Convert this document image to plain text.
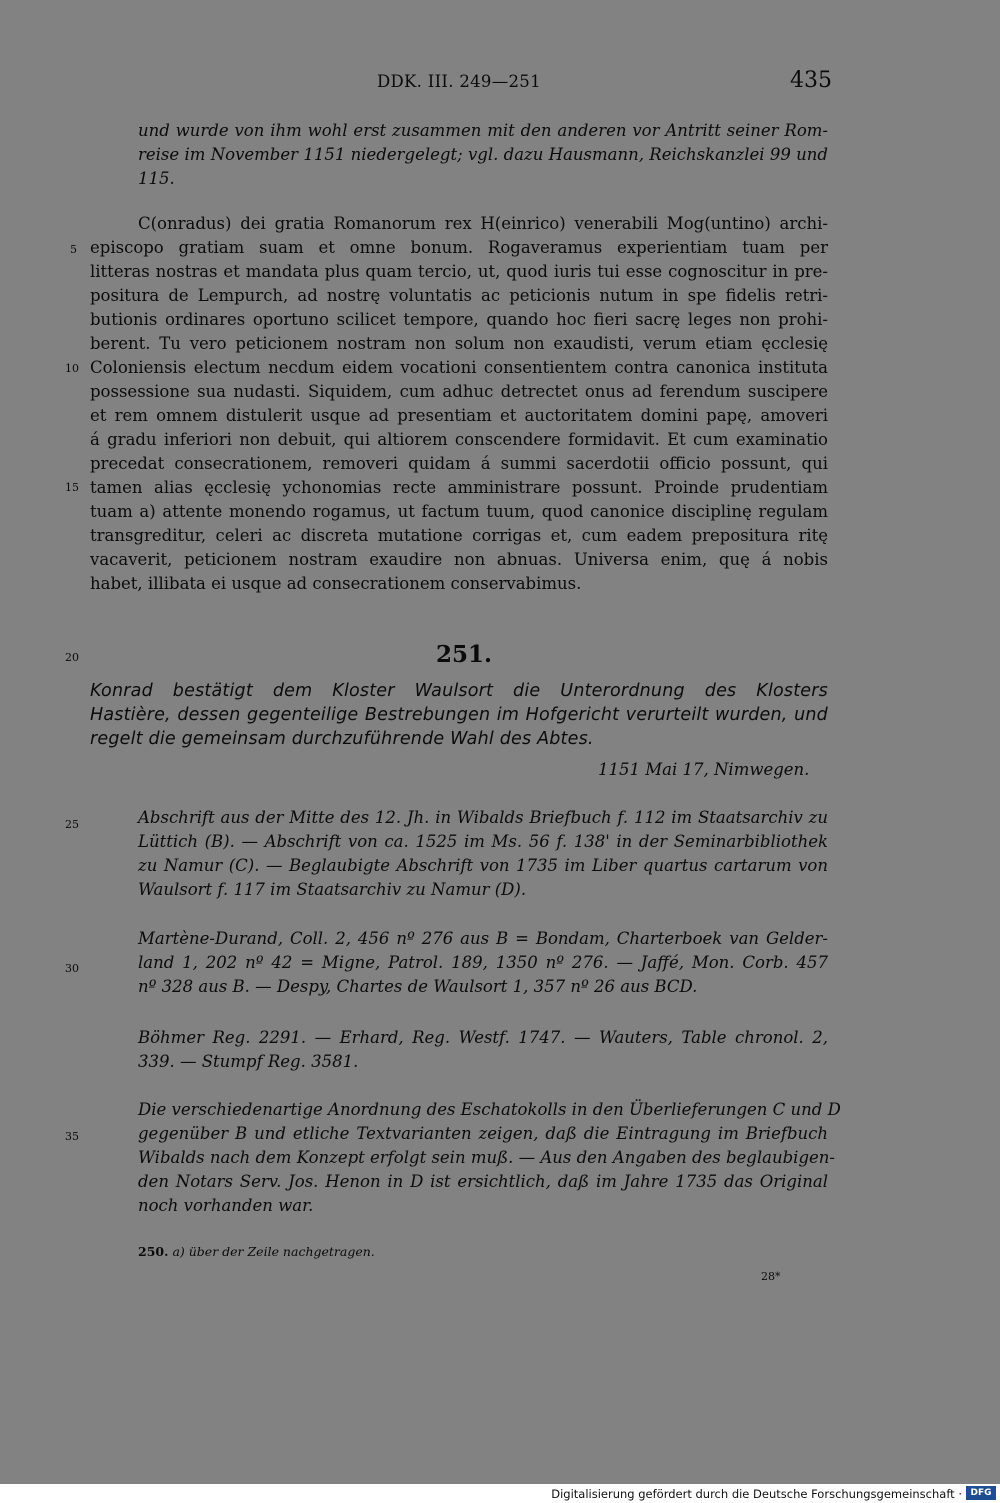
DDK. III. 249—251	435
und wurde von ihm wohl erst zusammen mit den anderen vor Antritt seiner Rom-
reise im November 1151 niedergelegt; vgl. dazu Hausmann, Reichskanzlei 99 und
115.
C(onradus) dei gratia Romanorum rex H(einrico) venerabili Mog(untino) archi-
episcopo gratiam suam et omne bonum. Rogaveramus experientiam tuam per
litteras nostras et mandata plus quam tercio, ut, quod iuris tui esse cognoscitur in pre-
positura de Lempurch, ad nostrę voluntatis ac peticionis nutum in spe fidelis retri-
butionis ordinares oportuno scilicet tempore, quando hoc fieri sacrę leges non prohi-
berent. Tu vero peticionem nostram non solum non exaudisti, verum etiam ęcclesię
Coloniensis electum necdum eidem vocationi consentientem contra canonica instituta
possessione sua nudasti. Siquidem, cum adhuc detrectet onus ad ferendum suscipere
et rem omnem distulerit usque ad presentiam et auctoritatem domini papę, amoveri
á gradu inferiori non debuit, qui altiorem conscendere formidavit. Et cum examinatio
precedat consecrationem, removeri quidam á summi sacerdotii officio possunt, qui
tamen alias ęcclesię ychonomias recte amministrare possunt. Proinde prudentiam
tuam a) attente monendo rogamus, ut factum tuum, quod canonice disciplinę regulam
transgreditur, celeri ac discreta mutatione corrigas et, cum eadem prepositura ritę
vacaverit, peticionem nostram exaudire non abnuas. Universa enim, quę á nobis
habet, illibata ei usque ad consecrationem conservabimus.
5
10
15
20
25
30
35
251.
Konrad bestätigt dem Kloster Waulsort die Unterordnung des Klosters
Hastière, dessen gegenteilige Bestrebungen im Hofgericht verurteilt wurden, und
regelt die gemeinsam durchzuführende Wahl des Abtes.
1151 Mai 17, Nimwegen.
Abschrift aus der Mitte des 12. Jh. in Wibalds Briefbuch f. 112 im Staatsarchiv zu
Lüttich (B). — Abschrift von ca. 1525 im Ms. 56 f. 138' in der Seminarbibliothek
zu Namur (C). — Beglaubigte Abschrift von 1735 im Liber quartus cartarum von
Waulsort f. 117 im Staatsarchiv zu Namur (D).
Martène-Durand, Coll. 2, 456 nº 276 aus B = Bondam, Charterboek van Gelder-
land 1, 202 nº 42 = Migne, Patrol. 189, 1350 nº 276. — Jaffé, Mon. Corb. 457
nº 328 aus B. — Despy, Chartes de Waulsort 1, 357 nº 26 aus BCD.
Böhmer Reg. 2291. — Erhard, Reg. Westf. 1747. — Wauters, Table chronol. 2,
339. — Stumpf Reg. 3581.
Die verschiedenartige Anordnung des Eschatokolls in den Überlieferungen C und D
gegenüber B und etliche Textvarianten zeigen, daß die Eintragung im Briefbuch
Wibalds nach dem Konzept erfolgt sein muß. — Aus den Angaben des beglaubigen-
den Notars Serv. Jos. Henon in D ist ersichtlich, daß im Jahre 1735 das Original
noch vorhanden war.
250. a) über der Zeile nachgetragen.
28*
Digitalisierung gefördert durch die Deutsche Forschungsgemeinschaft · DFG
